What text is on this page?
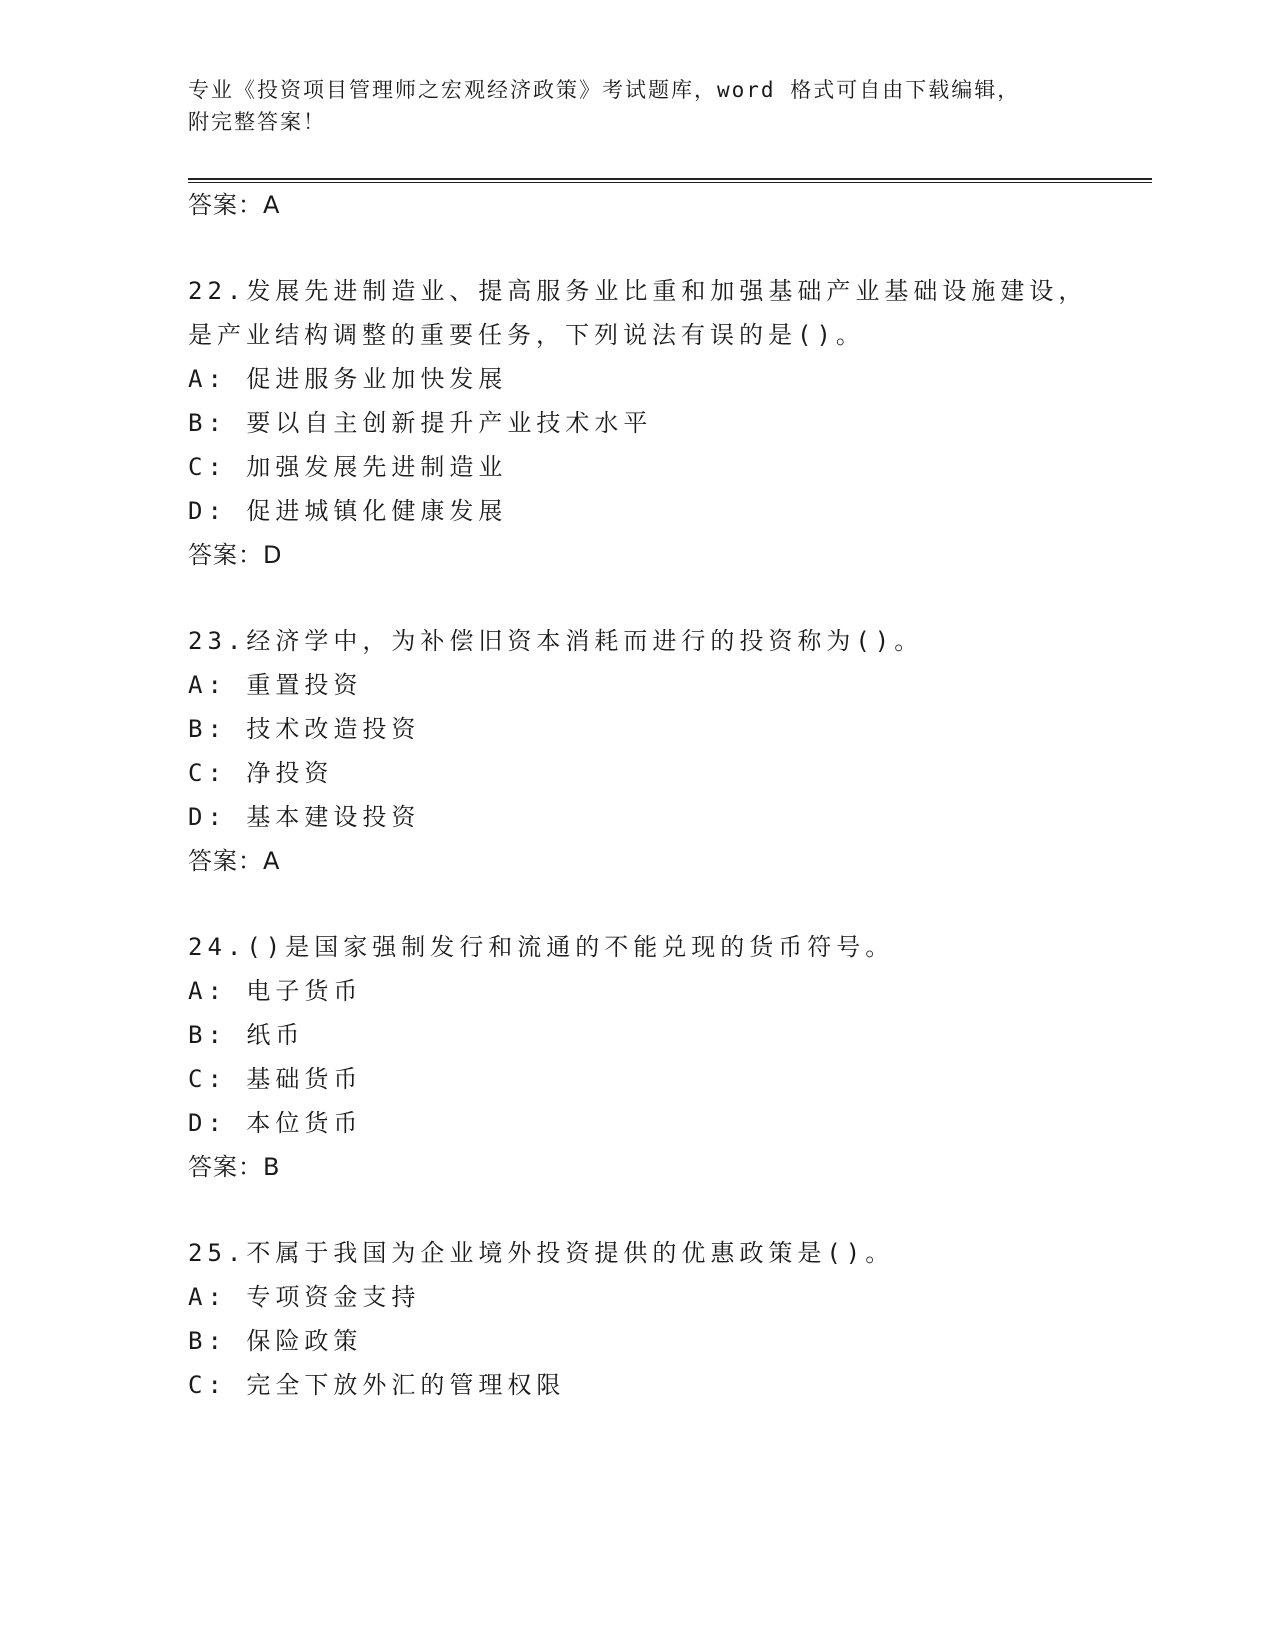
专业《投资项目管理师之宏观经济政策》考试题库，word 格式可自由下载编辑，
附完整答案！
答案：A
22.发展先进制造业、提高服务业比重和加强基础产业基础设施建设，
是产业结构调整的重要任务，下列说法有误的是()。
A: 促进服务业加快发展
B: 要以自主创新提升产业技术水平
C: 加强发展先进制造业
D: 促进城镇化健康发展
答案：D
23.经济学中，为补偿旧资本消耗而进行的投资称为()。
A: 重置投资
B: 技术改造投资
C: 净投资
D: 基本建设投资
答案：A
24.()是国家强制发行和流通的不能兑现的货币符号。
A: 电子货币
B: 纸币
C: 基础货币
D: 本位货币
答案：B
25.不属于我国为企业境外投资提供的优惠政策是()。
A: 专项资金支持
B: 保险政策
C: 完全下放外汇的管理权限
